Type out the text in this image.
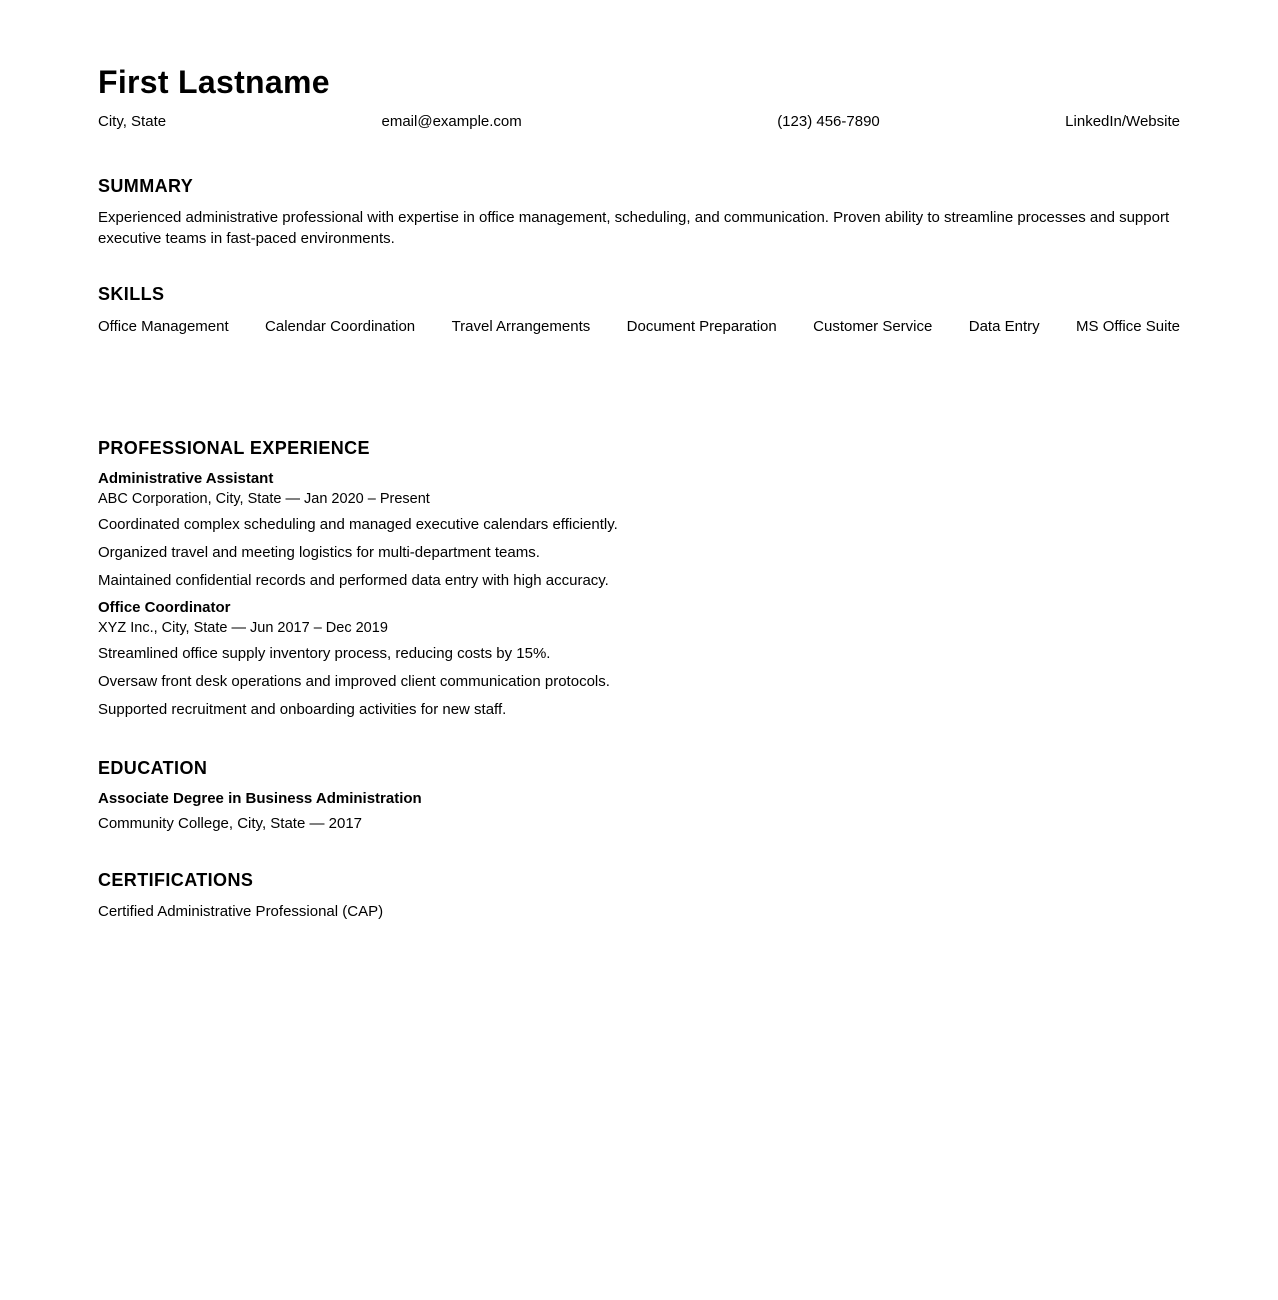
First Lastname
City, State	email@example.com	(123) 456-7890	LinkedIn/Website
SUMMARY
Experienced administrative professional with expertise in office management, scheduling, and communication. Proven ability to streamline processes and support executive teams in fast-paced environments.
SKILLS
Office Management Calendar Coordination Travel Arrangements Document Preparation Customer Service Data Entry MS Office Suite
PROFESSIONAL EXPERIENCE
Administrative Assistant
ABC Corporation, City, State — Jan 2020 – Present
Coordinated complex scheduling and managed executive calendars efficiently.
Organized travel and meeting logistics for multi-department teams.
Maintained confidential records and performed data entry with high accuracy.
Office Coordinator
XYZ Inc., City, State — Jun 2017 – Dec 2019
Streamlined office supply inventory process, reducing costs by 15%.
Oversaw front desk operations and improved client communication protocols.
Supported recruitment and onboarding activities for new staff.
EDUCATION
Associate Degree in Business Administration
Community College, City, State — 2017
CERTIFICATIONS
Certified Administrative Professional (CAP)
